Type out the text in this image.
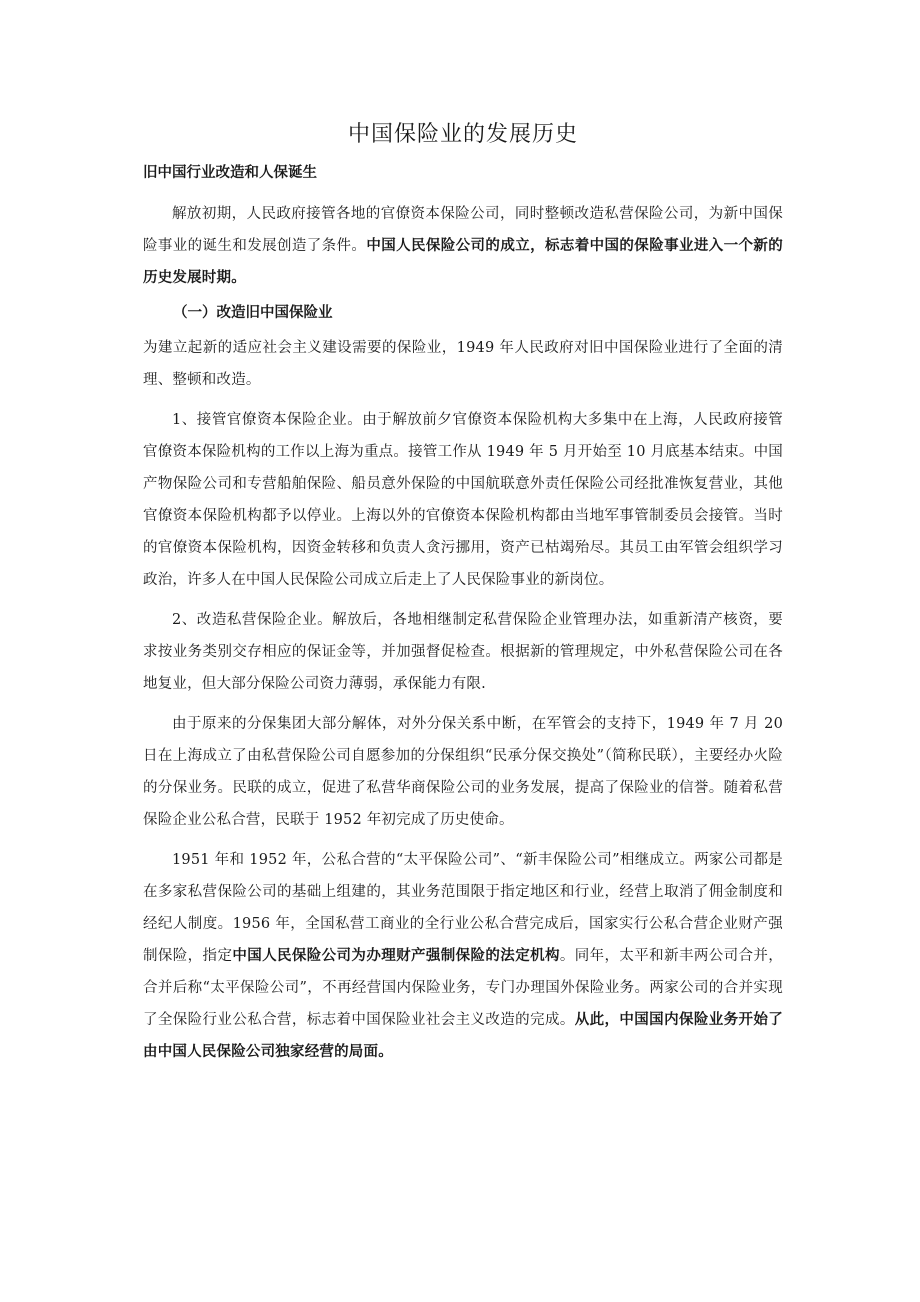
中国保险业的发展历史
旧中国行业改造和人保诞生

解放初期，人民政府接管各地的官僚资本保险公司，同时整顿改造私营保险公司，为新中国保险事业的诞生和发展创造了条件。中国人民保险公司的成立，标志着中国的保险事业进入一个新的历史发展时期。

（一）改造旧中国保险业

为建立起新的适应社会主义建设需要的保险业，1949 年人民政府对旧中国保险业进行了全面的清理、整顿和改造。

1、接管官僚资本保险企业。由于解放前夕官僚资本保险机构大多集中在上海，人民政府接管官僚资本保险机构的工作以上海为重点。接管工作从 1949 年 5 月开始至 10 月底基本结束。中国产物保险公司和专营船舶保险、船员意外保险的中国航联意外责任保险公司经批准恢复营业，其他官僚资本保险机构都予以停业。上海以外的官僚资本保险机构都由当地军事管制委员会接管。当时的官僚资本保险机构，因资金转移和负责人贪污挪用，资产已枯竭殆尽。其员工由军管会组织学习政治，许多人在中国人民保险公司成立后走上了人民保险事业的新岗位。

2、改造私营保险企业。解放后，各地相继制定私营保险企业管理办法，如重新清产核资，要求按业务类别交存相应的保证金等，并加强督促检查。根据新的管理规定，中外私营保险公司在各地复业，但大部分保险公司资力薄弱，承保能力有限.

由于原来的分保集团大部分解体，对外分保关系中断，在军管会的支持下，1949 年 7 月 20 日在上海成立了由私营保险公司自愿参加的分保组织“民承分保交换处”（简称民联），主要经办火险的分保业务。民联的成立，促进了私营华商保险公司的业务发展，提高了保险业的信誉。随着私营保险企业公私合营，民联于 1952 年初完成了历史使命。

1951 年和 1952 年，公私合营的“太平保险公司”、“新丰保险公司”相继成立。两家公司都是在多家私营保险公司的基础上组建的，其业务范围限于指定地区和行业，经营上取消了佣金制度和经纪人制度。1956 年，全国私营工商业的全行业公私合营完成后，国家实行公私合营企业财产强制保险，指定中国人民保险公司为办理财产强制保险的法定机构。同年，太平和新丰两公司合并，合并后称“太平保险公司”，不再经营国内保险业务，专门办理国外保险业务。两家公司的合并实现了全保险行业公私合营，标志着中国保险业社会主义改造的完成。从此，中国国内保险业务开始了由中国人民保险公司独家经营的局面。
